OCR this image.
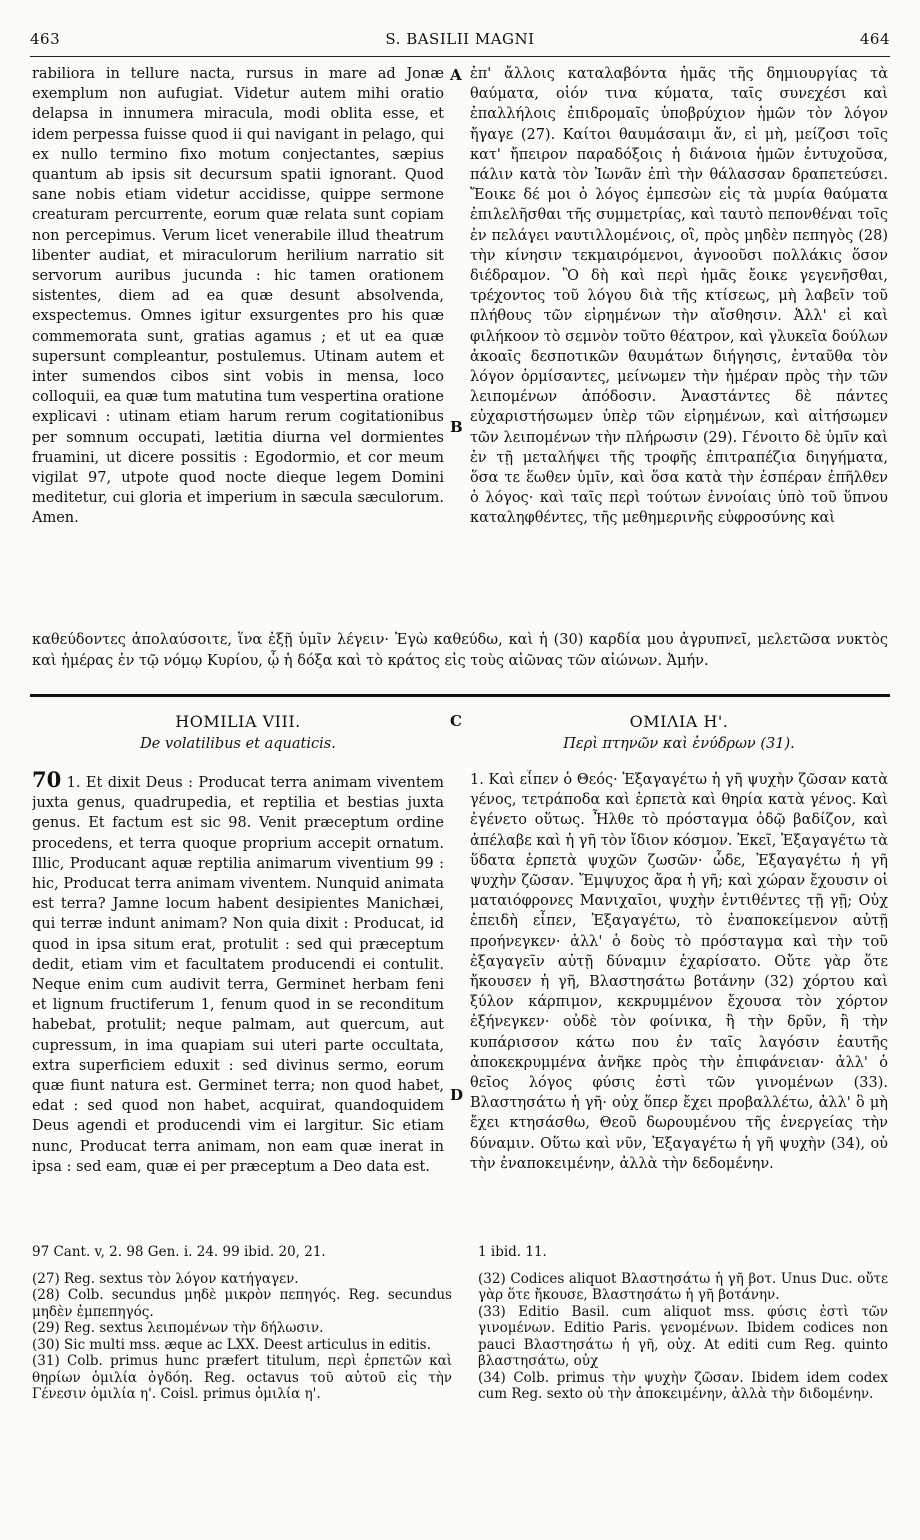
463	S. BASILII MAGNI	464

rabiliora in tellure nacta, rursus in mare ad Jonæ exemplum non aufugiat. Videtur autem mihi oratio delapsa in innumera miracula, modi oblita esse, et idem perpessa fuisse quod ii qui navigant in pelago, qui ex nullo termino fixo motum conjectantes, sæpius quantum ab ipsis sit decursum spatii ignorant. Quod sane nobis etiam videtur accidisse, quippe sermone creaturam percurrente, eorum quæ relata sunt copiam non percepimus. Verum licet venerabile illud theatrum libenter audiat, et miraculorum herilium narratio sit servorum auribus jucunda : hic tamen orationem sistentes, diem ad ea quæ desunt absolvenda, exspectemus. Omnes igitur exsurgentes pro his quæ commemorata sunt, gratias agamus ; et ut ea quæ supersunt compleantur, postulemus. Utinam autem et inter sumendos cibos sint vobis in mensa, loco colloquii, ea quæ tum matutina tum vespertina oratione explicavi : utinam etiam harum rerum cogitationibus per somnum occupati, lætitia diurna vel dormientes fruamini, ut dicere possitis : Egodormio, et cor meum vigilat 97, utpote quod nocte dieque legem Domini meditetur, cui gloria et imperium in sæcula sæculorum. Amen.

A
B

ἐπ' ἄλλοις καταλαβόντα ἡμᾶς τῆς δημιουργίας τὰ θαύματα, οἱόν τινα κύματα, ταῖς συνεχέσι καὶ ἐπαλλήλοις ἐπιδρομαῖς ὑποβρύχιον ἡμῶν τὸν λόγον ἤγαγε (27). Καίτοι θαυμάσαιμι ἄν, εἰ μὴ, μείζοσι τοῖς κατ' ἤπειρον παραδόξοις ἡ διάνοια ἡμῶν ἐντυχοῦσα, πάλιν κατὰ τὸν Ἰωνᾶν ἐπὶ τὴν θάλασσαν δραπετεύσει. Ἔοικε δέ μοι ὁ λόγος ἐμπεσὼν εἰς τὰ μυρία θαύματα ἐπιλελῆσθαι τῆς συμμετρίας, καὶ ταυτὸ πεπονθέναι τοῖς ἐν πελάγει ναυτιλλομένοις, οἳ, πρὸς μηδὲν πεπηγὸς (28) τὴν κίνησιν τεκμαιρόμενοι, ἀγνοοῦσι πολλάκις ὅσον διέδραμον. Ὃ δὴ καὶ περὶ ἡμᾶς ἔοικε γεγενῆσθαι, τρέχοντος τοῦ λόγου διὰ τῆς κτίσεως, μὴ λαβεῖν τοῦ πλήθους τῶν εἰρημένων τὴν αἴσθησιν. Ἀλλ' εἰ καὶ φιλήκοον τὸ σεμνὸν τοῦτο θέατρον, καὶ γλυκεῖα δούλων ἀκοαῖς δεσποτικῶν θαυμάτων διήγησις, ἐνταῦθα τὸν λόγον ὁρμίσαντες, μείνωμεν τὴν ἡμέραν πρὸς τὴν τῶν λειπομένων ἀπόδοσιν. Ἀναστάντες δὲ πάντες εὐχαριστήσωμεν ὑπὲρ τῶν εἰρημένων, καὶ αἰτήσωμεν τῶν λειπομένων τὴν πλήρωσιν (29). Γένοιτο δὲ ὑμῖν καὶ ἐν τῇ μεταλήψει τῆς τροφῆς ἐπιτραπέζια διηγήματα, ὅσα τε ἕωθεν ὑμῖν, καὶ ὅσα κατὰ τὴν ἑσπέραν ἐπῆλθεν ὁ λόγος· καὶ ταῖς περὶ τούτων ἐννοίαις ὑπὸ τοῦ ὕπνου καταληφθέντες, τῆς μεθημερινῆς εὐφροσύνης καὶ

καθεύδοντες ἀπολαύσοιτε, ἵνα ἐξῇ ὑμῖν λέγειν· Ἐγὼ καθεύδω, καὶ ἡ (30) καρδία μου ἀγρυπνεῖ, μελετῶσα νυκτὸς καὶ ἡμέρας ἐν τῷ νόμῳ Κυρίου, ᾧ ἡ δόξα καὶ τὸ κράτος εἰς τοὺς αἰῶνας τῶν αἰώνων. Ἀμήν.

HOMILIA VIII.
De volatilibus et aquaticis.
C	ΟΜΙΛΙΑ Η'.
Περὶ πτηνῶν καὶ ἐνύδρων (31).

70 1. Et dixit Deus : Producat terra animam viventem juxta genus, quadrupedia, et reptilia et bestias juxta genus. Et factum est sic 98. Venit præceptum ordine procedens, et terra quoque proprium accepit ornatum. Illic, Producant aquæ reptilia animarum viventium 99 : hic, Producat terra animam viventem. Nunquid animata est terra? Jamne locum habent desipientes Manichæi, qui terræ indunt animam? Non quia dixit : Producat, id quod in ipsa situm erat, protulit : sed qui præceptum dedit, etiam vim et facultatem producendi ei contulit. Neque enim cum audivit terra, Germinet herbam feni et lignum fructiferum 1, fenum quod in se reconditum habebat, protulit; neque palmam, aut quercum, aut cupressum, in ima quapiam sui uteri parte occultata, extra superficiem eduxit : sed divinus sermo, eorum quæ fiunt natura est. Germinet terra; non quod habet, edat : sed quod non habet, acquirat, quandoquidem Deus agendi et producendi vim ei largitur. Sic etiam nunc, Producat terra animam, non eam quæ inerat in ipsa : sed eam, quæ ei per præceptum a Deo data est.

D

1. Καὶ εἶπεν ὁ Θεός· Ἐξαγαγέτω ἡ γῆ ψυχὴν ζῶσαν κατὰ γένος, τετράποδα καὶ ἑρπετὰ καὶ θηρία κατὰ γένος. Καὶ ἐγένετο οὕτως. Ἦλθε τὸ πρόσταγμα ὁδῷ βαδίζον, καὶ ἀπέλαβε καὶ ἡ γῆ τὸν ἴδιον κόσμον. Ἐκεῖ, Ἐξαγαγέτω τὰ ὕδατα ἑρπετὰ ψυχῶν ζωσῶν· ὧδε, Ἐξαγαγέτω ἡ γῆ ψυχὴν ζῶσαν. Ἔμψυχος ἄρα ἡ γῆ; καὶ χώραν ἔχουσιν οἱ ματαιόφρονες Μανιχαῖοι, ψυχὴν ἐντιθέντες τῇ γῇ; Οὐχ ἐπειδὴ εἶπεν, Ἐξαγαγέτω, τὸ ἐναποκείμενον αὐτῇ προήνεγκεν· ἀλλ' ὁ δοὺς τὸ πρόσταγμα καὶ τὴν τοῦ ἐξαγαγεῖν αὐτῇ δύναμιν ἐχαρίσατο. Οὔτε γὰρ ὅτε ἤκουσεν ἡ γῆ, Βλαστησάτω βοτάνην (32) χόρτου καὶ ξύλον κάρπιμον, κεκρυμμένον ἔχουσα τὸν χόρτον ἐξήνεγκεν· οὐδὲ τὸν φοίνικα, ἢ τὴν δρῦν, ἢ τὴν κυπάρισσον κάτω που ἐν ταῖς λαγόσιν ἑαυτῆς ἀποκεκρυμμένα ἀνῆκε πρὸς τὴν ἐπιφάνειαν· ἀλλ' ὁ θεῖος λόγος φύσις ἐστὶ τῶν γινομένων (33). Βλαστησάτω ἡ γῆ· οὐχ ὅπερ ἔχει προβαλλέτω, ἀλλ' ὃ μὴ ἔχει κτησάσθω, Θεοῦ δωρουμένου τῆς ἐνεργείας τὴν δύναμιν. Οὕτω καὶ νῦν, Ἐξαγαγέτω ἡ γῆ ψυχὴν (34), οὐ τὴν ἐναποκειμένην, ἀλλὰ τὴν δεδομένην.

97 Cant. v, 2. 98 Gen. i. 24. 99 ibid. 20, 21.
(27) Reg. sextus τὸν λόγον κατήγαγεν.
(28) Colb. secundus μηδὲ μικρὸν πεπηγός. Reg. secundus μηδὲν ἐμπεπηγός.
(29) Reg. sextus λειπομένων τὴν δήλωσιν.
(30) Sic multi mss. æque ac LXX. Deest articulus in editis.
(31) Colb. primus hunc præfert titulum, περὶ ἑρπετῶν καὶ θηρίων ὁμιλία ὀγδόη. Reg. octavus τοῦ αὐτοῦ εἰς τὴν Γένεσιν ὁμιλία η'. Coisl. primus ὁμιλία η'.
1 ibid. 11.
(32) Codices aliquot Βλαστησάτω ἡ γῆ βοτ. Unus Duc. οὔτε γὰρ ὅτε ἤκουσε, Βλαστησάτω ἡ γῆ βοτάνην.
(33) Editio Basil. cum aliquot mss. φύσις ἐστὶ τῶν γινομένων. Editio Paris. γενομένων. Ibidem codices non pauci Βλαστησάτω ἡ γῆ, οὐχ. At editi cum Reg. quinto βλαστησάτω, οὐχ
(34) Colb. primus τὴν ψυχὴν ζῶσαν. Ibidem idem codex cum Reg. sexto οὐ τὴν ἀποκειμένην, ἀλλὰ τὴν διδομένην.
